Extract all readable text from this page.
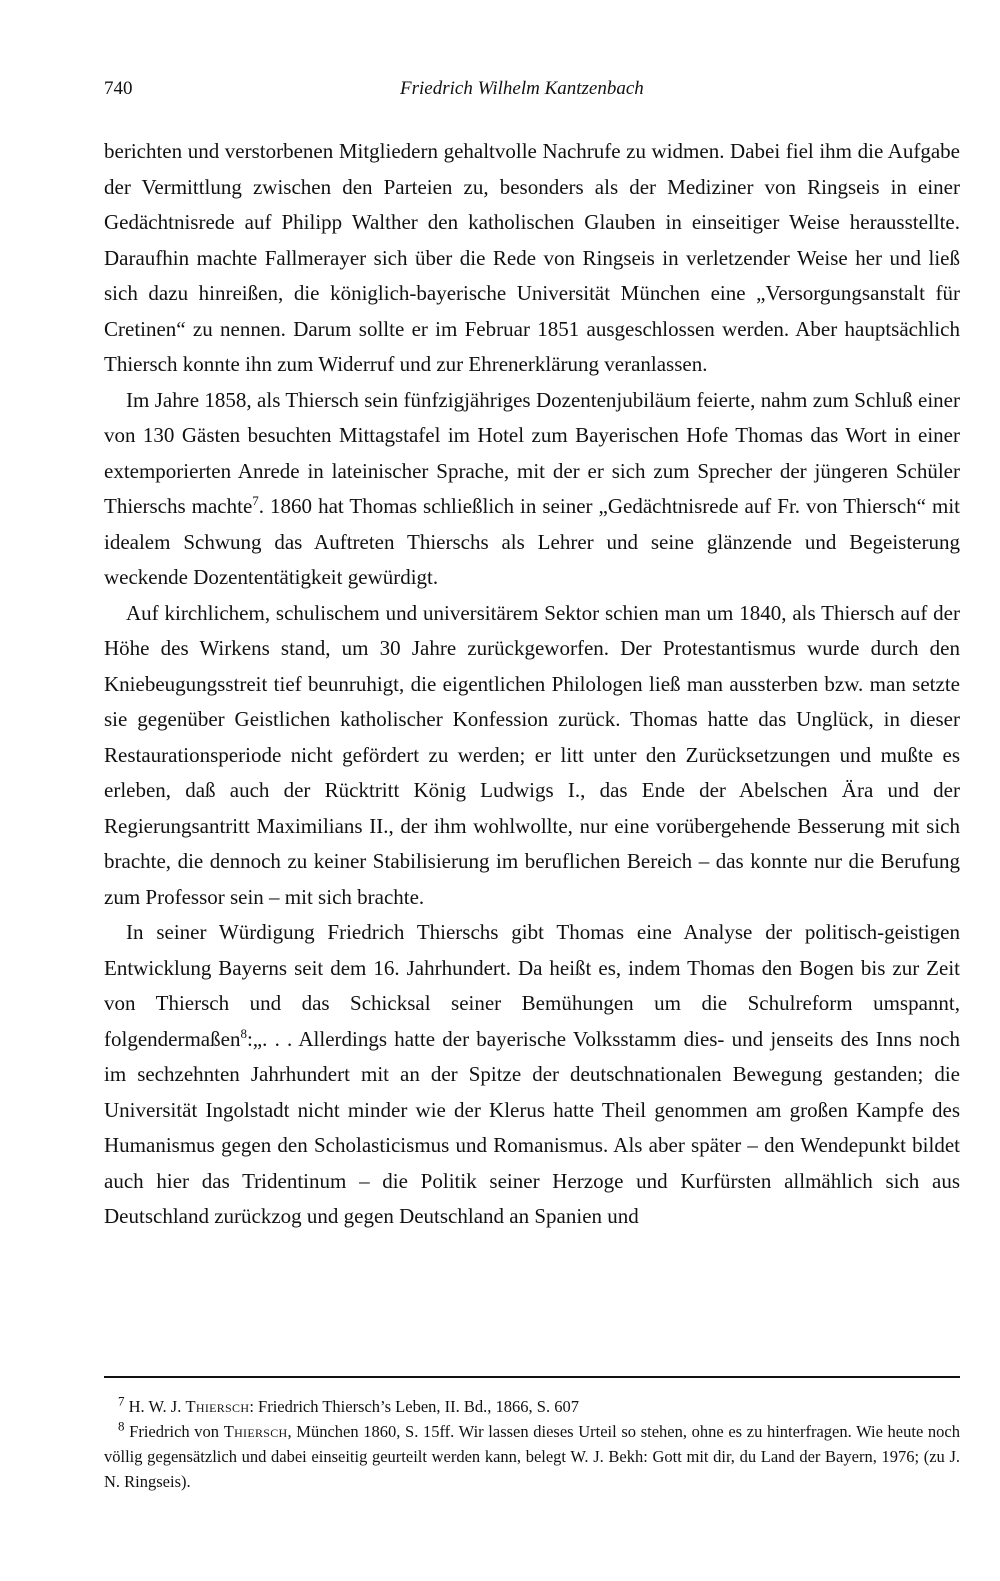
740	Friedrich Wilhelm Kantzenbach

berichten und verstorbenen Mitgliedern gehaltvolle Nachrufe zu widmen. Dabei fiel ihm die Aufgabe der Vermittlung zwischen den Parteien zu, besonders als der Mediziner von Ringseis in einer Gedächtnisrede auf Philipp Walther den katholischen Glauben in einseitiger Weise herausstellte. Daraufhin machte Fallmerayer sich über die Rede von Ringseis in verletzender Weise her und ließ sich dazu hinreißen, die königlich-bayerische Universität München eine „Versorgungsanstalt für Cretinen“ zu nennen. Darum sollte er im Februar 1851 ausgeschlossen werden. Aber hauptsächlich Thiersch konnte ihn zum Widerruf und zur Ehrenerklärung veranlassen.

Im Jahre 1858, als Thiersch sein fünfzigjähriges Dozentenjubiläum feierte, nahm zum Schluß einer von 130 Gästen besuchten Mittagstafel im Hotel zum Bayerischen Hofe Thomas das Wort in einer extemporierten Anrede in lateinischer Sprache, mit der er sich zum Sprecher der jüngeren Schüler Thierschs machte$^7$. 1860 hat Thomas schließlich in seiner „Gedächtnisrede auf Fr. von Thiersch“ mit idealem Schwung das Auftreten Thierschs als Lehrer und seine glänzende und Begeisterung weckende Dozententätigkeit gewürdigt.

Auf kirchlichem, schulischem und universitärem Sektor schien man um 1840, als Thiersch auf der Höhe des Wirkens stand, um 30 Jahre zurückgeworfen. Der Protestantismus wurde durch den Kniebeugungsstreit tief beunruhigt, die eigentlichen Philologen ließ man aussterben bzw. man setzte sie gegenüber Geistlichen katholischer Konfession zurück. Thomas hatte das Unglück, in dieser Restaurationsperiode nicht gefördert zu werden; er litt unter den Zurücksetzungen und mußte es erleben, daß auch der Rücktritt König Ludwigs I., das Ende der Abelschen Ära und der Regierungsantritt Maximilians II., der ihm wohlwollte, nur eine vorübergehende Besserung mit sich brachte, die dennoch zu keiner Stabilisierung im beruflichen Bereich – das konnte nur die Berufung zum Professor sein – mit sich brachte.

In seiner Würdigung Friedrich Thierschs gibt Thomas eine Analyse der politisch-geistigen Entwicklung Bayerns seit dem 16. Jahrhundert. Da heißt es, indem Thomas den Bogen bis zur Zeit von Thiersch und das Schicksal seiner Bemühungen um die Schulreform umspannt, folgendermaßen$^8$:„. . . Allerdings hatte der bayerische Volksstamm dies- und jenseits des Inns noch im sechzehnten Jahrhundert mit an der Spitze der deutschnationalen Bewegung gestanden; die Universität Ingolstadt nicht minder wie der Klerus hatte Theil genommen am großen Kampfe des Humanismus gegen den Scholasticismus und Romanismus. Als aber später – den Wendepunkt bildet auch hier das Tridentinum – die Politik seiner Herzoge und Kurfürsten allmählich sich aus Deutschland zurückzog und gegen Deutschland an Spanien und

$^7$ H. W. J. Thiersch: Friedrich Thiersch’s Leben, II. Bd., 1866, S. 607

$^8$ Friedrich von Thiersch, München 1860, S. 15ff. Wir lassen dieses Urteil so stehen, ohne es zu hinterfragen. Wie heute noch völlig gegensätzlich und dabei einseitig geurteilt werden kann, belegt W. J. Bekh: Gott mit dir, du Land der Bayern, 1976; (zu J. N. Ringseis).
